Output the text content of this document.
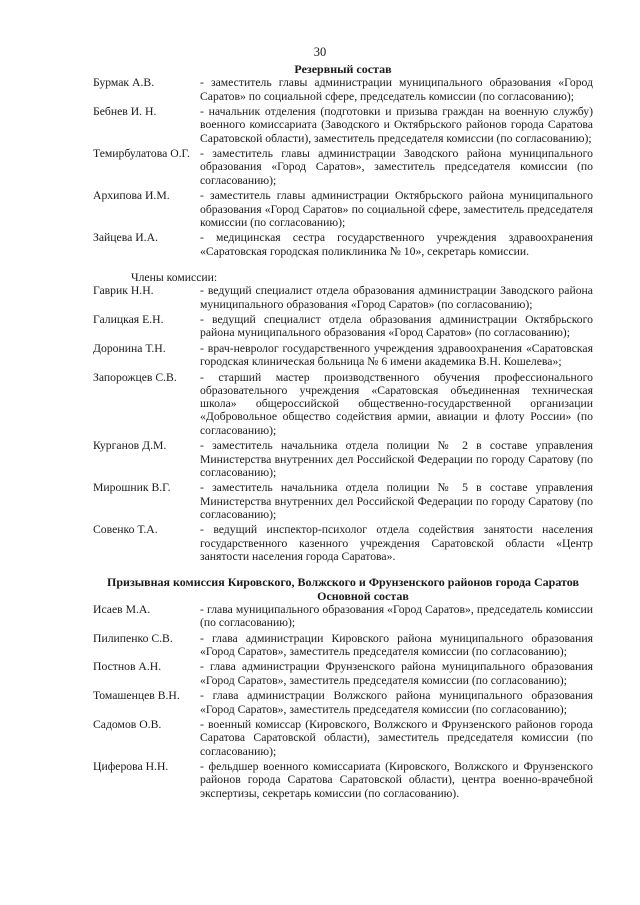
30
Резервный состав
Бурмак А.В.	- заместитель главы администрации муниципального образования «Город Саратов» по социальной сфере, председатель комиссии (по согласованию);
Бебнев И. Н.	- начальник отделения (подготовки и призыва граждан на военную службу) военного комиссариата (Заводского и Октябрьского районов города Саратова Саратовской области), заместитель председателя комиссии (по согласованию);
Темирбулатова О.Г. - заместитель главы администрации Заводского района муниципального образования «Город Саратов», заместитель председателя комиссии (по согласованию);
Архипова И.М.	- заместитель главы администрации Октябрьского района муниципального образования «Город Саратов» по социальной сфере, заместитель председателя комиссии (по согласованию);
Зайцева И.А.	- медицинская сестра государственного учреждения здравоохранения «Саратовская городская поликлиника № 10», секретарь комиссии.
Члены комиссии:
Гаврик Н.Н.	- ведущий специалист отдела образования администрации Заводского района муниципального образования «Город Саратов» (по согласованию);
Галицкая Е.Н.	- ведущий специалист отдела образования администрации Октябрьского района муниципального образования «Город Саратов» (по согласованию);
Доронина Т.Н.	- врач-невролог государственного учреждения здравоохранения «Саратовская городская клиническая больница № 6 имени академика В.Н. Кошелева»;
Запорожцев С.В.	- старший мастер производственного обучения профессионального образовательного учреждения «Саратовская объединенная техническая школа» общероссийской общественно-государственной организации «Добровольное общество содействия армии, авиации и флоту России» (по согласованию);
Курганов Д.М.	- заместитель начальника отдела полиции № 2 в составе управления Министерства внутренних дел Российской Федерации по городу Саратову (по согласованию);
Мирошник В.Г.	- заместитель начальника отдела полиции № 5 в составе управления Министерства внутренних дел Российской Федерации по городу Саратову (по согласованию);
Совенко Т.А.	- ведущий инспектор-психолог отдела содействия занятости населения государственного казенного учреждения Саратовской области «Центр занятости населения города Саратова».
Призывная комиссия Кировского, Волжского и Фрунзенского районов города Саратов
Основной состав
Исаев М.А.	- глава муниципального образования «Город Саратов», председатель комиссии (по согласованию);
Пилипенко С.В.	- глава администрации Кировского района муниципального образования «Город Саратов», заместитель председателя комиссии (по согласованию);
Постнов А.Н.	- глава администрации Фрунзенского района муниципального образования «Город Саратов», заместитель председателя комиссии (по согласованию);
Томашенцев В.Н.	- глава администрации Волжского района муниципального образования «Город Саратов», заместитель председателя комиссии (по согласованию);
Садомов О.В.	- военный комиссар (Кировского, Волжского и Фрунзенского районов города Саратова Саратовской области), заместитель председателя комиссии (по согласованию);
Циферова Н.Н.	- фельдшер военного комиссариата (Кировского, Волжского и Фрунзенского районов города Саратова Саратовской области), центра военно-врачебной экспертизы, секретарь комиссии (по согласованию).
